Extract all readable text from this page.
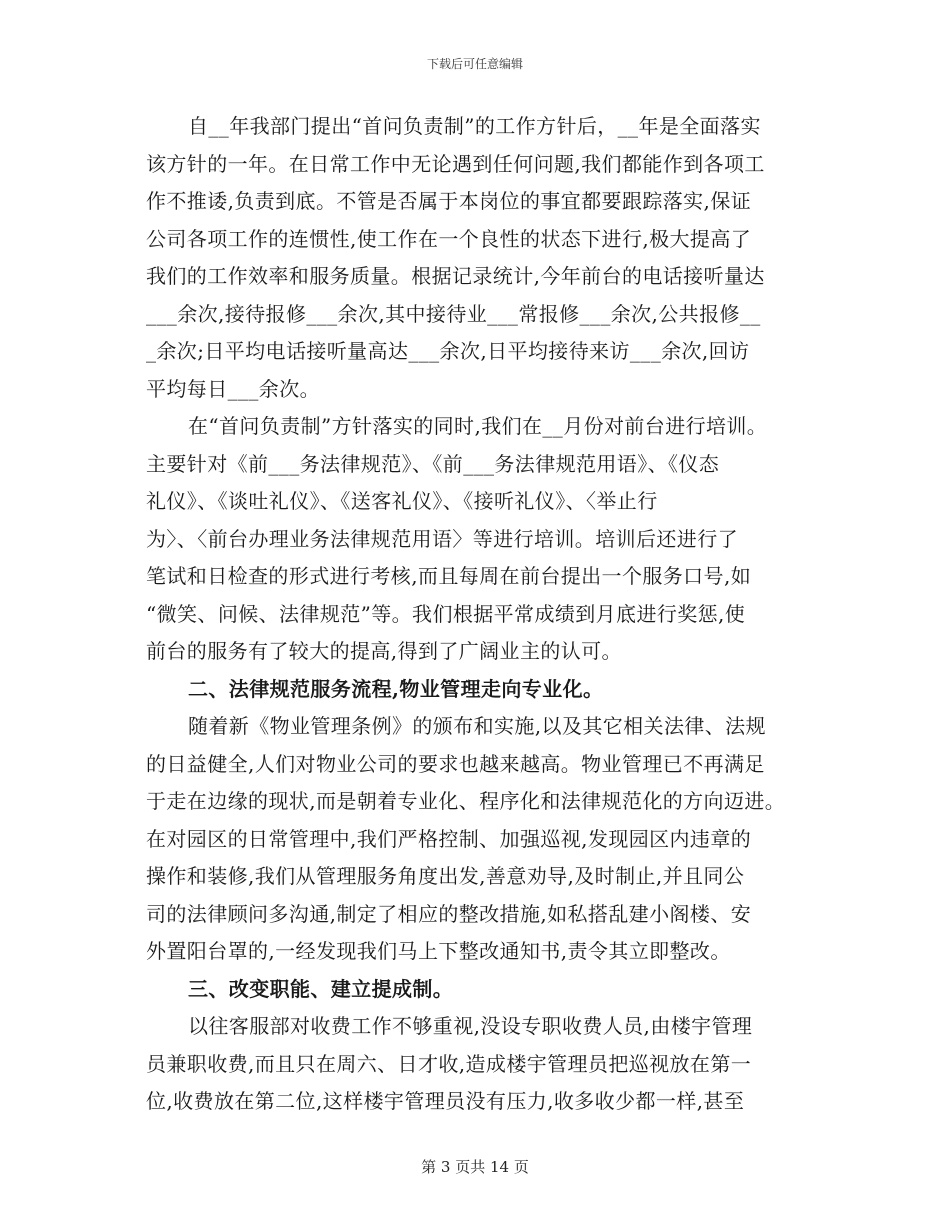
下载后可任意编辑
自__年我部门提出“首问负责制”的工作方针后，__年是全面落实
该方针的一年。在日常工作中无论遇到任何问题,我们都能作到各项工
作不推诿,负责到底。不管是否属于本岗位的事宜都要跟踪落实,保证
公司各项工作的连惯性,使工作在一个良性的状态下进行,极大提高了
我们的工作效率和服务质量。根据记录统计,今年前台的电话接听量达
___余次,接待报修___余次,其中接待业___常报修___余次,公共报修__
_余次;日平均电话接听量高达___余次,日平均接待来访___余次,回访
平均每日___余次。
在“首问负责制”方针落实的同时,我们在__月份对前台进行培训。
主要针对《前___务法律规范》、《前___务法律规范用语》、《仪态
礼仪》、《谈吐礼仪》、《送客礼仪》、《接听礼仪》、〈举止行
为〉、〈前台办理业务法律规范用语〉等进行培训。培训后还进行了
笔试和日检查的形式进行考核,而且每周在前台提出一个服务口号,如
“微笑、问候、法律规范”等。我们根据平常成绩到月底进行奖惩,使
前台的服务有了较大的提高,得到了广阔业主的认可。
二、法律规范服务流程,物业管理走向专业化。
随着新《物业管理条例》的颁布和实施,以及其它相关法律、法规
的日益健全,人们对物业公司的要求也越来越高。物业管理已不再满足
于走在边缘的现状,而是朝着专业化、程序化和法律规范化的方向迈进。
在对园区的日常管理中,我们严格控制、加强巡视,发现园区内违章的
操作和装修,我们从管理服务角度出发,善意劝导,及时制止,并且同公
司的法律顾问多沟通,制定了相应的整改措施,如私搭乱建小阁楼、安
外置阳台罩的,一经发现我们马上下整改通知书,责令其立即整改。
三、改变职能、建立提成制。
以往客服部对收费工作不够重视,没设专职收费人员,由楼宇管理
员兼职收费,而且只在周六、日才收,造成楼宇管理员把巡视放在第一
位,收费放在第二位,这样楼宇管理员没有压力,收多收少都一样,甚至
第 3 页共 14 页
